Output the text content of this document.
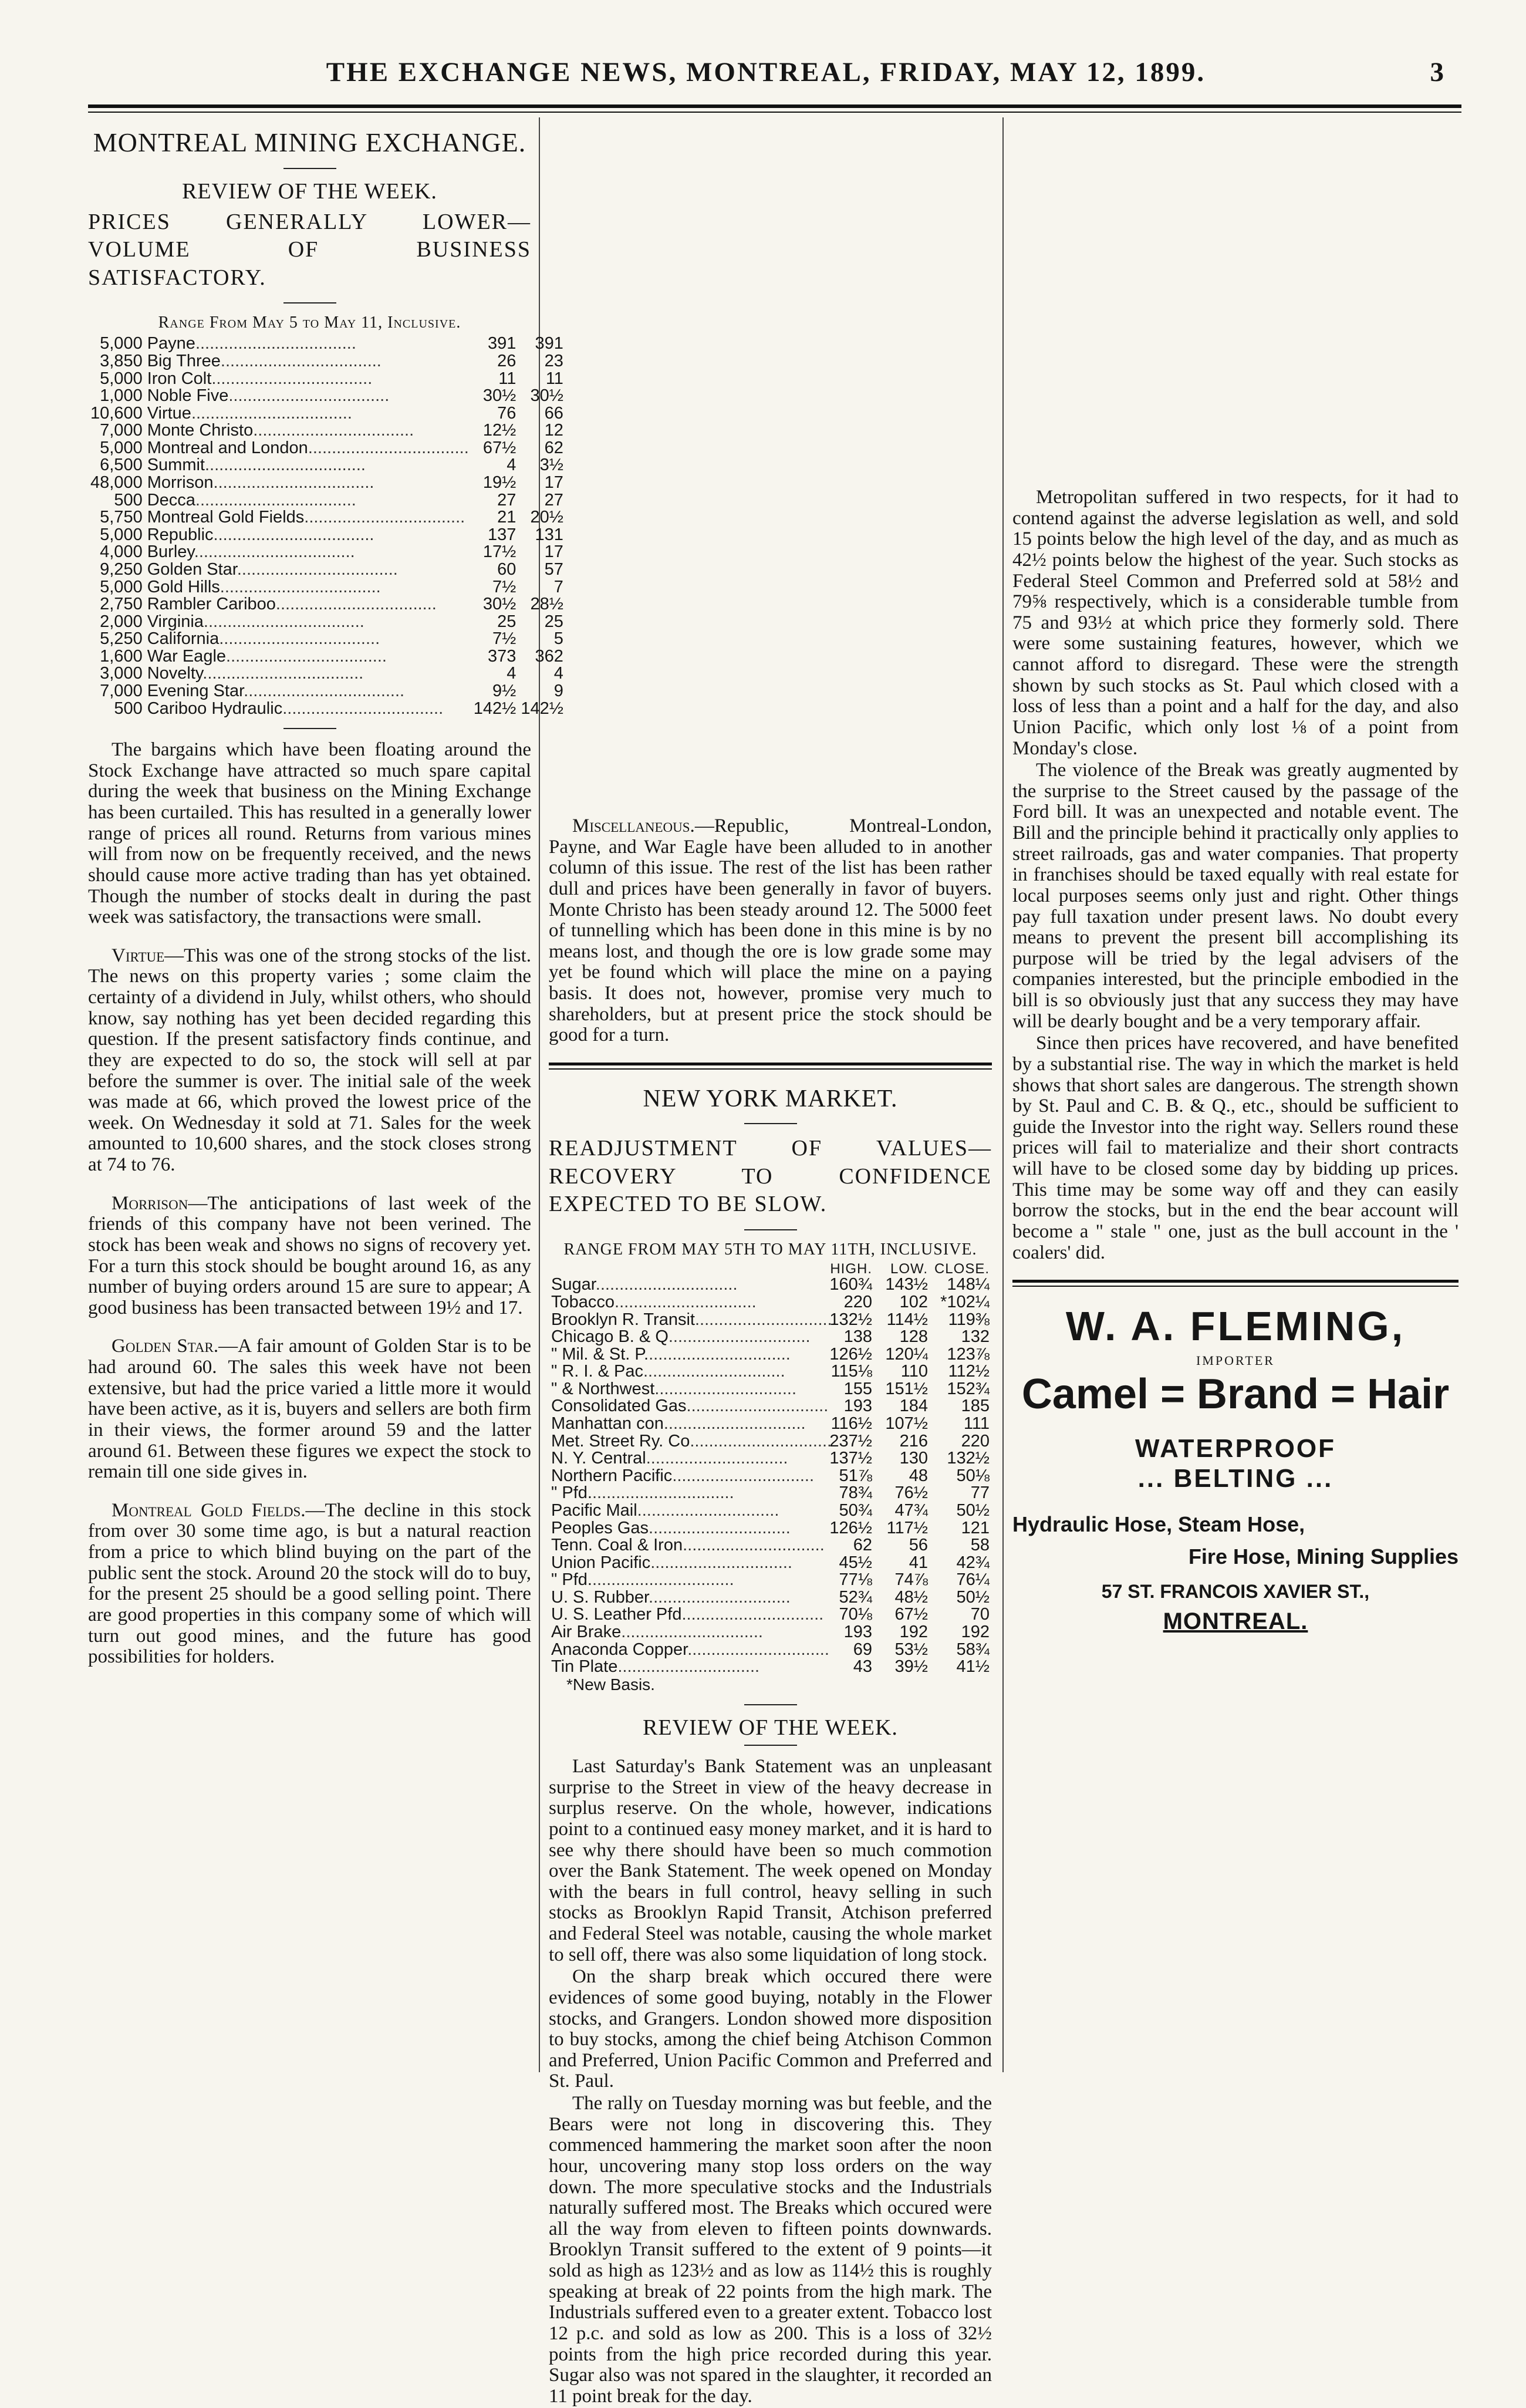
THE EXCHANGE NEWS, MONTREAL, FRIDAY, MAY 12, 1899.	3
MONTREAL MINING EXCHANGE.
REVIEW OF THE WEEK.
PRICES GENERALLY LOWER—VOLUME OF BUSINESS SATISFACTORY.
Range From May 5 to May 11, Inclusive.
5,000	Payne..................................	391	391
3,850	Big Three..................................	26	23
5,000	Iron Colt..................................	11	11
1,000	Noble Five..................................	30½	30½
10,600	Virtue..................................	76	66
7,000	Monte Christo..................................	12½	12
5,000	Montreal and London..................................	67½	62
6,500	Summit..................................	4	3½
48,000	Morrison..................................	19½	17
500	Decca..................................	27	27
5,750	Montreal Gold Fields..................................	21	20½
5,000	Republic..................................	137	131
4,000	Burley..................................	17½	17
9,250	Golden Star..................................	60	57
5,000	Gold Hills..................................	7½	7
2,750	Rambler Cariboo..................................	30½	28½
2,000	Virginia..................................	25	25
5,250	California..................................	7½	5
1,600	War Eagle..................................	373	362
3,000	Novelty..................................	4	4
7,000	Evening Star..................................	9½	9
500	Cariboo Hydraulic..................................	142½	142½

The bargains which have been floating around the Stock Exchange have attracted so much spare capital during the week that business on the Mining Exchange has been curtailed. This has resulted in a generally lower range of prices all round. Returns from various mines will from now on be frequently received, and the news should cause more active trading than has yet obtained. Though the number of stocks dealt in during the past week was satisfactory, the transactions were small.

Virtue—This was one of the strong stocks of the list. The news on this property varies ; some claim the certainty of a dividend in July, whilst others, who should know, say nothing has yet been decided regarding this question. If the present satisfactory finds continue, and they are expected to do so, the stock will sell at par before the summer is over. The initial sale of the week was made at 66, which proved the lowest price of the week. On Wednesday it sold at 71. Sales for the week amounted to 10,600 shares, and the stock closes strong at 74 to 76.

Morrison—The anticipations of last week of the friends of this company have not been verined. The stock has been weak and shows no signs of recovery yet. For a turn this stock should be bought around 16, as any number of buying orders around 15 are sure to appear; A good business has been transacted between 19½ and 17.

Golden Star.—A fair amount of Golden Star is to be had around 60. The sales this week have not been extensive, but had the price varied a little more it would have been active, as it is, buyers and sellers are both firm in their views, the former around 59 and the latter around 61. Between these figures we expect the stock to remain till one side gives in.

Montreal Gold Fields.—The decline in this stock from over 30 some time ago, is but a natural reaction from a price to which blind buying on the part of the public sent the stock. Around 20 the stock will do to buy, for the present 25 should be a good selling point. There are good properties in this company some of which will turn out good mines, and the future has good possibilities for holders.

Miscellaneous.—Republic, Montreal-London, Payne, and War Eagle have been alluded to in another column of this issue. The rest of the list has been rather dull and prices have been generally in favor of buyers. Monte Christo has been steady around 12. The 5000 feet of tunnelling which has been done in this mine is by no means lost, and though the ore is low grade some may yet be found which will place the mine on a paying basis. It does not, however, promise very much to shareholders, but at present price the stock should be good for a turn.

NEW YORK MARKET.
READJUSTMENT OF VALUES—RECOVERY TO CONFIDENCE EXPECTED TO BE SLOW.
RANGE FROM MAY 5TH TO MAY 11TH, INCLUSIVE.
	HIGH.	LOW.	CLOSE.
Sugar..............................	160¾	143½	148¼
Tobacco..............................	220	102	*102¼
Brooklyn R. Transit..............................	132½	114½	119⅜
Chicago B. & Q..............................	138	128	132
" Mil. & St. P...............................	126½	120¼	123⅞
" R. I. & Pac..............................	115⅛	110	112½
" & Northwest..............................	155	151½	152¾
Consolidated Gas..............................	193	184	185
Manhattan con..............................	116½	107½	111
Met. Street Ry. Co..............................	237½	216	220
N. Y. Central..............................	137½	130	132½
Northern Pacific..............................	51⅞	48	50⅛
" Pfd...............................	78¾	76½	77
Pacific Mail..............................	50¾	47¾	50½
Peoples Gas..............................	126½	117½	121
Tenn. Coal & Iron..............................	62	56	58
Union Pacific..............................	45½	41	42¾
" Pfd...............................	77⅛	74⅞	76¼
U. S. Rubber..............................	52¾	48½	50½
U. S. Leather Pfd..............................	70⅛	67½	70
Air Brake..............................	193	192	192
Anaconda Copper..............................	69	53½	58¾
Tin Plate..............................	43	39½	41½
*New Basis.
REVIEW OF THE WEEK.

Last Saturday's Bank Statement was an unpleasant surprise to the Street in view of the heavy decrease in surplus reserve. On the whole, however, indications point to a continued easy money market, and it is hard to see why there should have been so much commotion over the Bank Statement. The week opened on Monday with the bears in full control, heavy selling in such stocks as Brooklyn Rapid Transit, Atchison preferred and Federal Steel was notable, causing the whole market to sell off, there was also some liquidation of long stock.

On the sharp break which occured there were evidences of some good buying, notably in the Flower stocks, and Grangers. London showed more disposition to buy stocks, among the chief being Atchison Common and Preferred, Union Pacific Common and Preferred and St. Paul.

The rally on Tuesday morning was but feeble, and the Bears were not long in discovering this. They commenced hammering the market soon after the noon hour, uncovering many stop loss orders on the way down. The more speculative stocks and the Industrials naturally suffered most. The Breaks which occured were all the way from eleven to fifteen points downwards. Brooklyn Transit suffered to the extent of 9 points—it sold as high as 123½ and as low as 114½ this is roughly speaking at break of 22 points from the high mark. The Industrials suffered even to a greater extent. Tobacco lost 12 p.c. and sold as low as 200. This is a loss of 32½ points from the high price recorded during this year. Sugar also was not spared in the slaughter, it recorded an 11 point break for the day.

Metropolitan suffered in two respects, for it had to contend against the adverse legislation as well, and sold 15 points below the high level of the day, and as much as 42½ points below the highest of the year. Such stocks as Federal Steel Common and Preferred sold at 58½ and 79⅝ respectively, which is a considerable tumble from 75 and 93½ at which price they formerly sold. There were some sustaining features, however, which we cannot afford to disregard. These were the strength shown by such stocks as St. Paul which closed with a loss of less than a point and a half for the day, and also Union Pacific, which only lost ⅛ of a point from Monday's close.

The violence of the Break was greatly augmented by the surprise to the Street caused by the passage of the Ford bill. It was an unexpected and notable event. The Bill and the principle behind it practically only applies to street railroads, gas and water companies. That property in franchises should be taxed equally with real estate for local purposes seems only just and right. Other things pay full taxation under present laws. No doubt every means to prevent the present bill accomplishing its purpose will be tried by the legal advisers of the companies interested, but the principle embodied in the bill is so obviously just that any success they may have will be dearly bought and be a very temporary affair.

Since then prices have recovered, and have benefited by a substantial rise. The way in which the market is held shows that short sales are dangerous. The strength shown by St. Paul and C. B. & Q., etc., should be sufficient to guide the Investor into the right way. Sellers round these prices will fail to materialize and their short contracts will have to be closed some day by bidding up prices. This time may be some way off and they can easily borrow the stocks, but in the end the bear account will become a " stale " one, just as the bull account in the ' coalers' did.

W. A. FLEMING,
IMPORTER
Camel = Brand = Hair
WATERPROOF
... BELTING ...
Hydraulic Hose, Steam Hose,
Fire Hose, Mining Supplies
57 ST. FRANCOIS XAVIER ST.,
MONTREAL.
